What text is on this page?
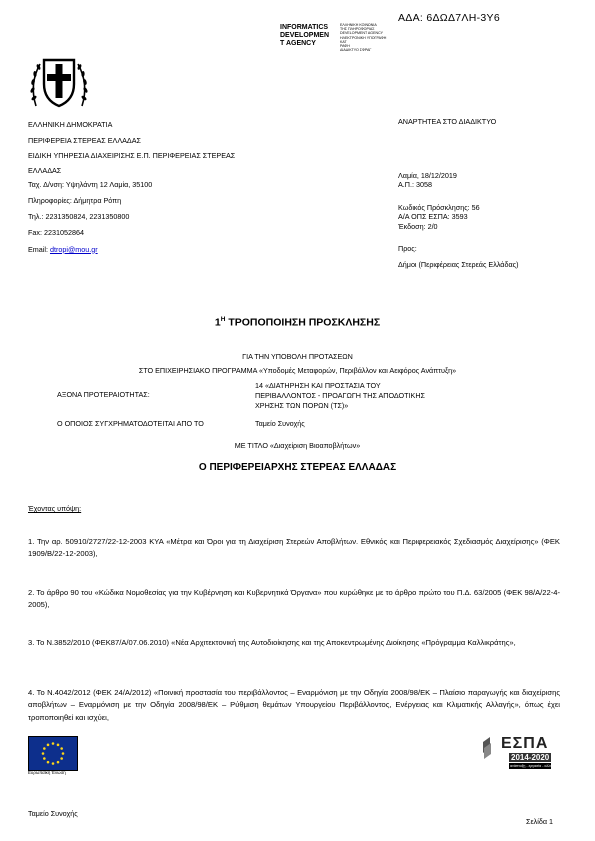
ΑΔΑ: 6ΔΩΔ7ΛΗ-3Υ6
INFORMATICS
DEVELOPMEN
T AGENCY
ΕΛΛΗΝΙΚΗ ΚΟΙΝΩΝΙΑ
ΤΗΣ ΠΛΗΡΟΦΟΡΙΑΣ
DEVELOPMENT AGENCY
ΗΛΕΚΤΡΟΝΙΚΗ ΥΠΟΓΡΑΦΗ
ΚΑΤ
ΡΑΦΗ
ΔΙΑΔΙΚΤΥΟ ΣΦΡΑΓ
ΕΛΛΗΝΙΚΗ ΔΗΜΟΚΡΑΤΙΑ
ΠΕΡΙΦΕΡΕΙΑ ΣΤΕΡΕΑΣ ΕΛΛΑΔΑΣ
ΕΙΔΙΚΗ ΥΠΗΡΕΣΙΑ ΔΙΑΧΕΙΡΙΣΗΣ Ε.Π. ΠΕΡΙΦΕΡΕΙΑΣ ΣΤΕΡΕΑΣ
ΕΛΛΑΔΑΣ
Ταχ. Δ/νση: Υψηλάντη 12 Λαμία, 35100
Πληροφορίες: Δήμητρα Ρόπη
Τηλ.: 2231350824, 2231350800
Fax: 2231052864
Email: dtropi@mou.gr
ΑΝΑΡΤΗΤΕΑ ΣΤΟ ΔΙΑΔΙΚΤΥΟ
Λαμία, 18/12/2019
Α.Π.: 3058
Κωδικός Πρόσκλησης: 56
Α/Α ΟΠΣ ΕΣΠΑ: 3593
Έκδοση: 2/0
Προς:
Δήμοι (Περιφέρειας Στερεάς Ελλάδας)
$1^H$ ΤΡΟΠΟΠΟΙΗΣΗ ΠΡΟΣΚΛΗΣΗΣ
ΓΙΑ ΤΗΝ ΥΠΟΒΟΛΗ ΠΡΟΤΑΣΕΩΝ
ΣΤΟ ΕΠΙΧΕΙΡΗΣΙΑΚΟ ΠΡΟΓΡΑΜΜΑ «Υποδομές Μεταφορών, Περιβάλλον και Αειφόρος Ανάπτυξη»
ΑΞΟΝΑ ΠΡΟΤΕΡΑΙΟΤΗΤΑΣ:
14 «ΔΙΑΤΗΡΗΣΗ ΚΑΙ ΠΡΟΣΤΑΣΙΑ ΤΟΥ
ΠΕΡΙΒΑΛΛΟΝΤΟΣ - ΠΡΟΑΓΩΓΗ ΤΗΣ ΑΠΟΔΟΤΙΚΗΣ
ΧΡΗΣΗΣ ΤΩΝ ΠΟΡΩΝ (ΤΣ)»
Ο ΟΠΟΙΟΣ ΣΥΓΧΡΗΜΑΤΟΔΟΤΕΙΤΑΙ ΑΠΟ ΤΟ	Ταμείο Συνοχής
ΜΕ ΤΙΤΛΟ «Διαχείριση Βιοαποβλήτων»
Ο ΠΕΡΙΦΕΡΕΙΑΡΧΗΣ ΣΤΕΡΕΑΣ ΕΛΛΑΔΑΣ
Έχοντας υπόψη:
1. Την αρ. 50910/2727/22-12-2003 ΚΥΑ «Μέτρα και Όροι για τη Διαχείριση Στερεών Αποβλήτων. Εθνικός και Περιφερειακός Σχεδιασμός Διαχείρισης» (ΦΕΚ 1909/Β/22-12-2003),
2. Το άρθρο 90 του «Κώδικα Νομοθεσίας για την Κυβέρνηση και Κυβερνητικά Όργανα» που κυρώθηκε με το άρθρο πρώτο του Π.Δ. 63/2005 (ΦΕΚ 98/Α/22-4-2005),
3. Το Ν.3852/2010 (ΦΕΚ87/Α/07.06.2010) «Νέα Αρχιτεκτονική της Αυτοδιοίκησης και της Αποκεντρωμένης Διοίκησης «Πρόγραμμα Καλλικράτης»,
4. Το Ν.4042/2012 (ΦΕΚ 24/Α/2012) «Ποινική προστασία του περιβάλλοντος – Εναρμόνιση με την Οδηγία 2008/98/ΕΚ – Πλαίσιο παραγωγής και διαχείρισης αποβλήτων – Εναρμόνιση με την Οδηγία 2008/98/ΕΚ – Ρύθμιση θεμάτων Υπουργείου Περιβάλλοντος, Ενέργειας και Κλιματικής Αλλαγής», όπως έχει τροποποιηθεί και ισχύει,
Ευρωπαϊκή Ένωση
ΕΣΠΑ
2014-2020
ανάπτυξη - εργασία - αλληλεγγύη
Ταμείο Συνοχής
Σελίδα 1
